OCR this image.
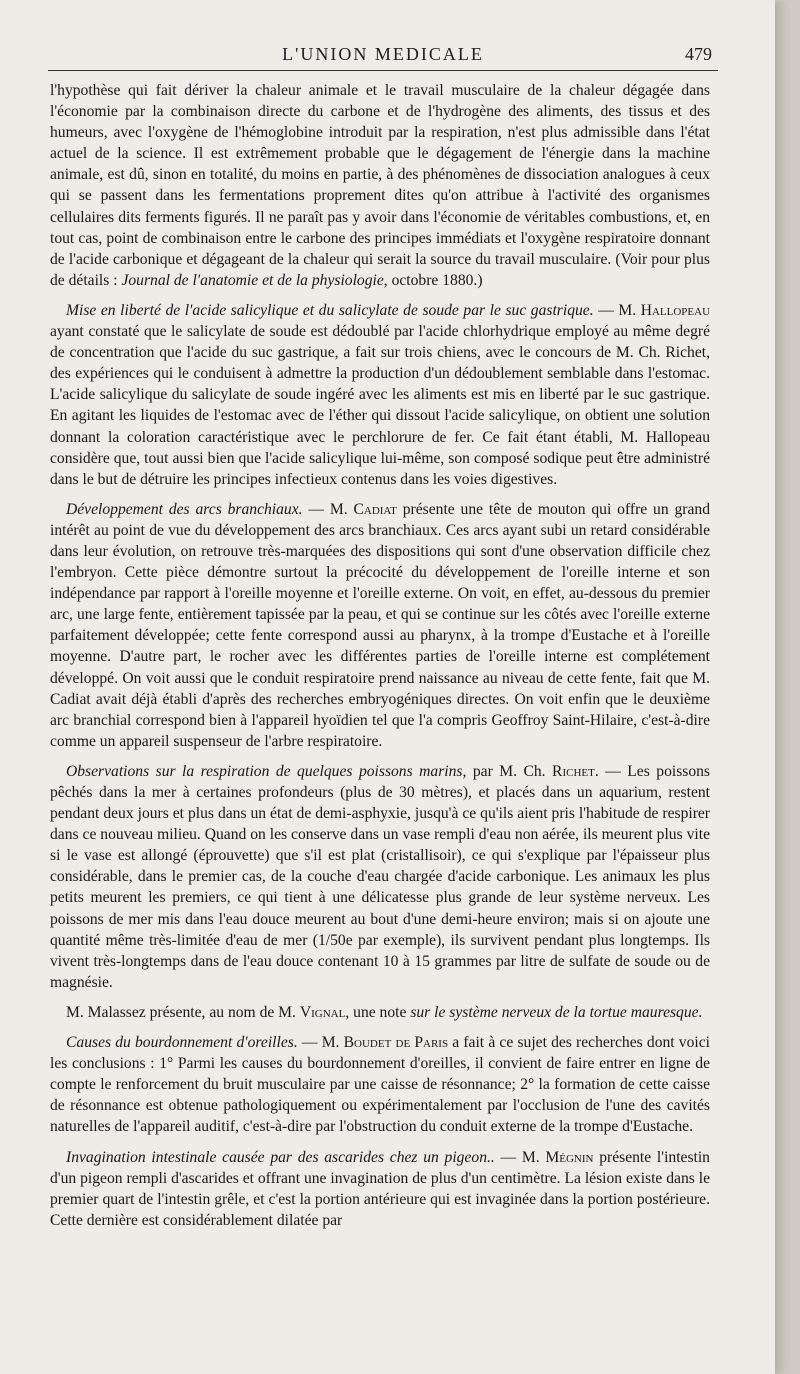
L'UNION MEDICALE	479

l'hypothèse qui fait dériver la chaleur animale et le travail musculaire de la chaleur dégagée dans l'économie par la combinaison directe du carbone et de l'hydrogène des aliments, des tissus et des humeurs, avec l'oxygène de l'hémoglobine introduit par la respiration, n'est plus admissible dans l'état actuel de la science. Il est extrêmement probable que le dégagement de l'énergie dans la machine animale, est dû, sinon en totalité, du moins en partie, à des phénomènes de dissociation analogues à ceux qui se passent dans les fermentations proprement dites qu'on attribue à l'activité des organismes cellulaires dits ferments figurés. Il ne paraît pas y avoir dans l'économie de véritables combustions, et, en tout cas, point de combinaison entre le carbone des principes immédiats et l'oxygène respiratoire donnant de l'acide carbonique et dégageant de la chaleur qui serait la source du travail musculaire. (Voir pour plus de détails : Journal de l'anatomie et de la physiologie, octobre 1880.)

Mise en liberté de l'acide salicylique et du salicylate de soude par le suc gastrique. — M. Hallopeau ayant constaté que le salicylate de soude est dédoublé par l'acide chlorhydrique employé au même degré de concentration que l'acide du suc gastrique, a fait sur trois chiens, avec le concours de M. Ch. Richet, des expériences qui le conduisent à admettre la production d'un dédoublement semblable dans l'estomac. L'acide salicylique du salicylate de soude ingéré avec les aliments est mis en liberté par le suc gastrique. En agitant les liquides de l'estomac avec de l'éther qui dissout l'acide salicylique, on obtient une solution donnant la coloration caractéristique avec le perchlorure de fer. Ce fait étant établi, M. Hallopeau considère que, tout aussi bien que l'acide salicylique lui-même, son composé sodique peut être administré dans le but de détruire les principes infectieux contenus dans les voies digestives.

Développement des arcs branchiaux. — M. Cadiat présente une tête de mouton qui offre un grand intérêt au point de vue du développement des arcs branchiaux. Ces arcs ayant subi un retard considérable dans leur évolution, on retrouve très-marquées des dispositions qui sont d'une observation difficile chez l'embryon. Cette pièce démontre surtout la précocité du développement de l'oreille interne et son indépendance par rapport à l'oreille moyenne et l'oreille externe. On voit, en effet, au-dessous du premier arc, une large fente, entièrement tapissée par la peau, et qui se continue sur les côtés avec l'oreille externe parfaitement développée; cette fente correspond aussi au pharynx, à la trompe d'Eustache et à l'oreille moyenne. D'autre part, le rocher avec les différentes parties de l'oreille interne est complétement développé. On voit aussi que le conduit respiratoire prend naissance au niveau de cette fente, fait que M. Cadiat avait déjà établi d'après des recherches embryogéniques directes. On voit enfin que le deuxième arc branchial correspond bien à l'appareil hyoïdien tel que l'a compris Geoffroy Saint-Hilaire, c'est-à-dire comme un appareil suspenseur de l'arbre respiratoire.

Observations sur la respiration de quelques poissons marins, par M. Ch. Richet. — Les poissons pêchés dans la mer à certaines profondeurs (plus de 30 mètres), et placés dans un aquarium, restent pendant deux jours et plus dans un état de demi-asphyxie, jusqu'à ce qu'ils aient pris l'habitude de respirer dans ce nouveau milieu. Quand on les conserve dans un vase rempli d'eau non aérée, ils meurent plus vite si le vase est allongé (éprouvette) que s'il est plat (cristallisoir), ce qui s'explique par l'épaisseur plus considérable, dans le premier cas, de la couche d'eau chargée d'acide carbonique. Les animaux les plus petits meurent les premiers, ce qui tient à une délicatesse plus grande de leur système nerveux. Les poissons de mer mis dans l'eau douce meurent au bout d'une demi-heure environ; mais si on ajoute une quantité même très-limitée d'eau de mer (1/50e par exemple), ils survivent pendant plus longtemps. Ils vivent très-longtemps dans de l'eau douce contenant 10 à 15 grammes par litre de sulfate de soude ou de magnésie.

M. Malassez présente, au nom de M. Vignal, une note sur le système nerveux de la tortue mauresque.

Causes du bourdonnement d'oreilles. — M. Boudet de Paris a fait à ce sujet des recherches dont voici les conclusions : 1° Parmi les causes du bourdonnement d'oreilles, il convient de faire entrer en ligne de compte le renforcement du bruit musculaire par une caisse de résonnance; 2° la formation de cette caisse de résonnance est obtenue pathologiquement ou expérimentalement par l'occlusion de l'une des cavités naturelles de l'appareil auditif, c'est-à-dire par l'obstruction du conduit externe de la trompe d'Eustache.

Invagination intestinale causée par des ascarides chez un pigeon.. — M. Mégnin présente l'intestin d'un pigeon rempli d'ascarides et offrant une invagination de plus d'un centimètre. La lésion existe dans le premier quart de l'intestin grêle, et c'est la portion antérieure qui est invaginée dans la portion postérieure. Cette dernière est considérablement dilatée par
